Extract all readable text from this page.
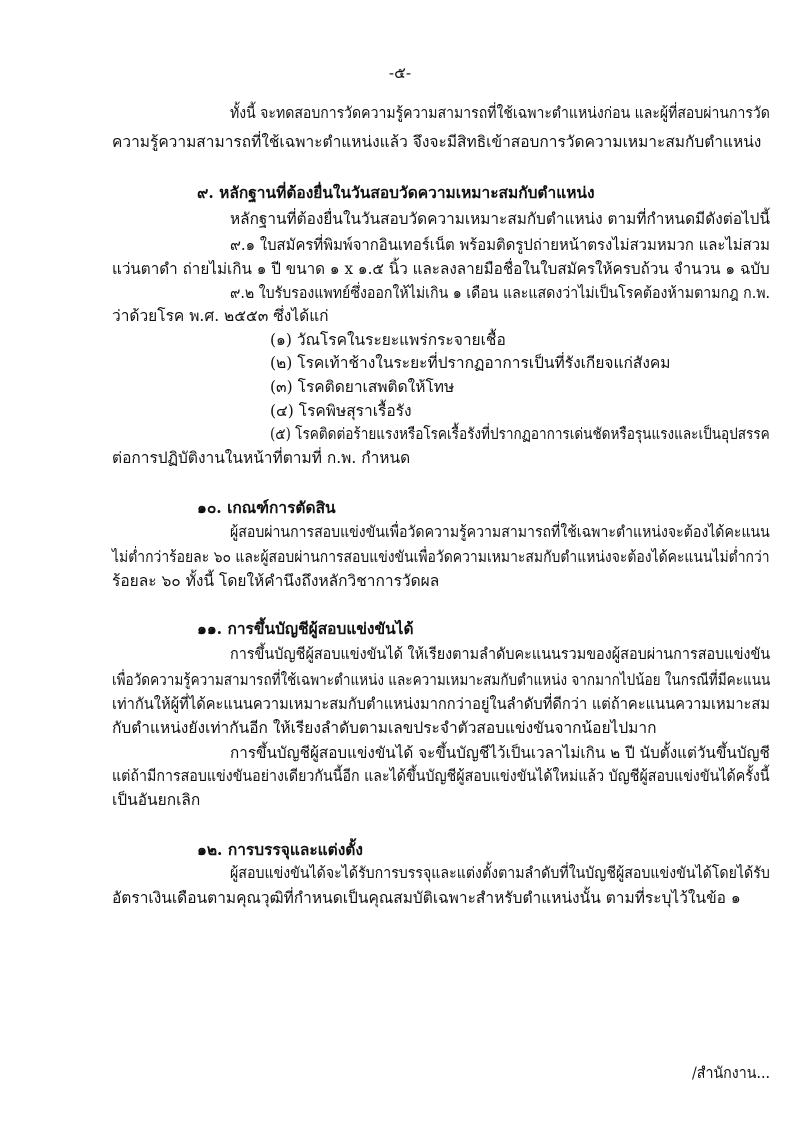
-๕-
ทั้งนี้ จะทดสอบการวัดความรู้ความสามารถที่ใช้เฉพาะตำแหน่งก่อน และผู้ที่สอบผ่านการวัด
ความรู้ความสามารถที่ใช้เฉพาะตำแหน่งแล้ว จึงจะมีสิทธิเข้าสอบการวัดความเหมาะสมกับตำแหน่ง
๙. หลักฐานที่ต้องยื่นในวันสอบวัดความเหมาะสมกับตำแหน่ง
หลักฐานที่ต้องยื่นในวันสอบวัดความเหมาะสมกับตำแหน่ง ตามที่กำหนดมีดังต่อไปนี้
๙.๑ ใบสมัครที่พิมพ์จากอินเทอร์เน็ต พร้อมติดรูปถ่ายหน้าตรงไม่สวมหมวก และไม่สวม
แว่นตาดำ ถ่ายไม่เกิน ๑ ปี ขนาด ๑ x ๑.๕ นิ้ว และลงลายมือชื่อในใบสมัครให้ครบถ้วน จำนวน ๑ ฉบับ
๙.๒ ใบรับรองแพทย์ซึ่งออกให้ไม่เกิน ๑ เดือน และแสดงว่าไม่เป็นโรคต้องห้ามตามกฎ ก.พ.
ว่าด้วยโรค พ.ศ. ๒๕๕๓ ซึ่งได้แก่
(๑) วัณโรคในระยะแพร่กระจายเชื้อ
(๒) โรคเท้าช้างในระยะที่ปรากฏอาการเป็นที่รังเกียจแก่สังคม
(๓) โรคติดยาเสพติดให้โทษ
(๔) โรคพิษสุราเรื้อรัง
(๕) โรคติดต่อร้ายแรงหรือโรคเรื้อรังที่ปรากฏอาการเด่นชัดหรือรุนแรงและเป็นอุปสรรค
ต่อการปฏิบัติงานในหน้าที่ตามที่ ก.พ. กำหนด
๑๐. เกณฑ์การตัดสิน
ผู้สอบผ่านการสอบแข่งขันเพื่อวัดความรู้ความสามารถที่ใช้เฉพาะตำแหน่งจะต้องได้คะแนน
ไม่ต่ำกว่าร้อยละ ๖๐ และผู้สอบผ่านการสอบแข่งขันเพื่อวัดความเหมาะสมกับตำแหน่งจะต้องได้คะแนนไม่ต่ำกว่า
ร้อยละ ๖๐ ทั้งนี้ โดยให้คำนึงถึงหลักวิชาการวัดผล
๑๑. การขึ้นบัญชีผู้สอบแข่งขันได้
การขึ้นบัญชีผู้สอบแข่งขันได้ ให้เรียงตามลำดับคะแนนรวมของผู้สอบผ่านการสอบแข่งขัน
เพื่อวัดความรู้ความสามารถที่ใช้เฉพาะตำแหน่ง และความเหมาะสมกับตำแหน่ง จากมากไปน้อย ในกรณีที่มีคะแนน
เท่ากันให้ผู้ที่ได้คะแนนความเหมาะสมกับตำแหน่งมากกว่าอยู่ในลำดับที่ดีกว่า แต่ถ้าคะแนนความเหมาะสม
กับตำแหน่งยังเท่ากันอีก ให้เรียงลำดับตามเลขประจำตัวสอบแข่งขันจากน้อยไปมาก
การขึ้นบัญชีผู้สอบแข่งขันได้ จะขึ้นบัญชีไว้เป็นเวลาไม่เกิน ๒ ปี นับตั้งแต่วันขึ้นบัญชี
แต่ถ้ามีการสอบแข่งขันอย่างเดียวกันนี้อีก และได้ขึ้นบัญชีผู้สอบแข่งขันได้ใหม่แล้ว บัญชีผู้สอบแข่งขันได้ครั้งนี้
เป็นอันยกเลิก
๑๒. การบรรจุและแต่งตั้ง
ผู้สอบแข่งขันได้จะได้รับการบรรจุและแต่งตั้งตามลำดับที่ในบัญชีผู้สอบแข่งขันได้โดยได้รับ
อัตราเงินเดือนตามคุณวุฒิที่กำหนดเป็นคุณสมบัติเฉพาะสำหรับตำแหน่งนั้น ตามที่ระบุไว้ในข้อ ๑
/สำนักงาน...
